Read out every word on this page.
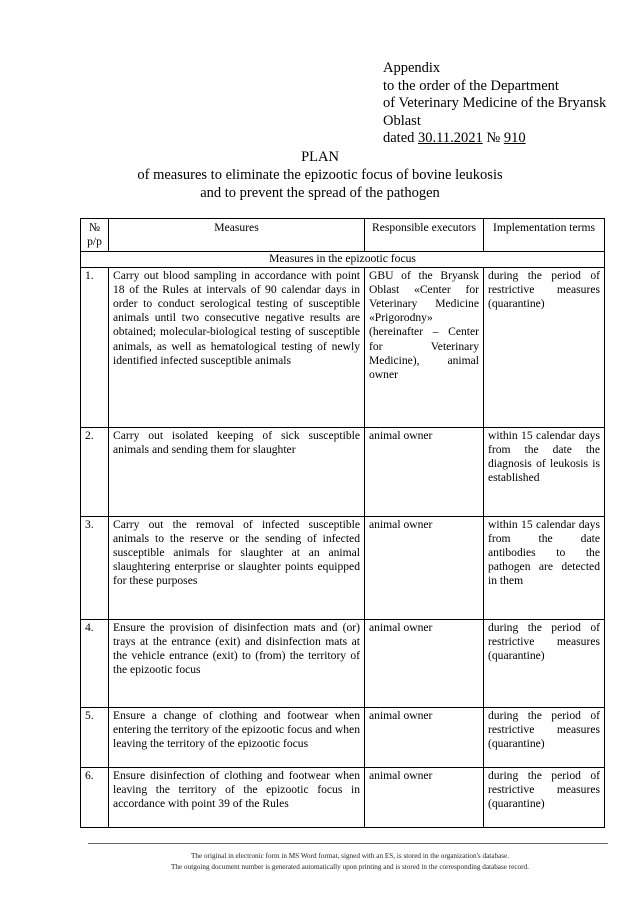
Appendix
to the order of the Department
of Veterinary Medicine of the Bryansk Oblast
dated 30.11.2021 № 910
PLAN
of measures to eliminate the epizootic focus of bovine leukosis
and to prevent the spread of the pathogen
№ p/p	Measures	Responsible executors	Implementation terms
Measures in the epizootic focus			
1.	Carry out blood sampling in accordance with point 18 of the Rules at intervals of 90 calendar days in order to conduct serological testing of susceptible animals until two consecutive negative results are obtained; molecular-biological testing of susceptible animals, as well as hematological testing of newly identified infected susceptible animals	GBU of the Bryansk Oblast «Center for Veterinary Medicine «Prigorodny» (hereinafter – Center for Veterinary Medicine), animal owner	during the period of restrictive measures (quarantine)
2.	Carry out isolated keeping of sick susceptible animals and sending them for slaughter	animal owner	within 15 calendar days from the date the diagnosis of leukosis is established
3.	Carry out the removal of infected susceptible animals to the reserve or the sending of infected susceptible animals for slaughter at an animal slaughtering enterprise or slaughter points equipped for these purposes	animal owner	within 15 calendar days from the date antibodies to the pathogen are detected in them
4.	Ensure the provision of disinfection mats and (or) trays at the entrance (exit) and disinfection mats at the vehicle entrance (exit) to (from) the territory of the epizootic focus	animal owner	during the period of restrictive measures (quarantine)
5.	Ensure a change of clothing and footwear when entering the territory of the epizootic focus and when leaving the territory of the epizootic focus	animal owner	during the period of restrictive measures (quarantine)
6.	Ensure disinfection of clothing and footwear when leaving the territory of the epizootic focus in accordance with point 39 of the Rules	animal owner	during the period of restrictive measures (quarantine)
The original in electronic form in MS Word format, signed with an ES, is stored in the organization's database.
The outgoing document number is generated automatically upon printing and is stored in the corresponding database record.
